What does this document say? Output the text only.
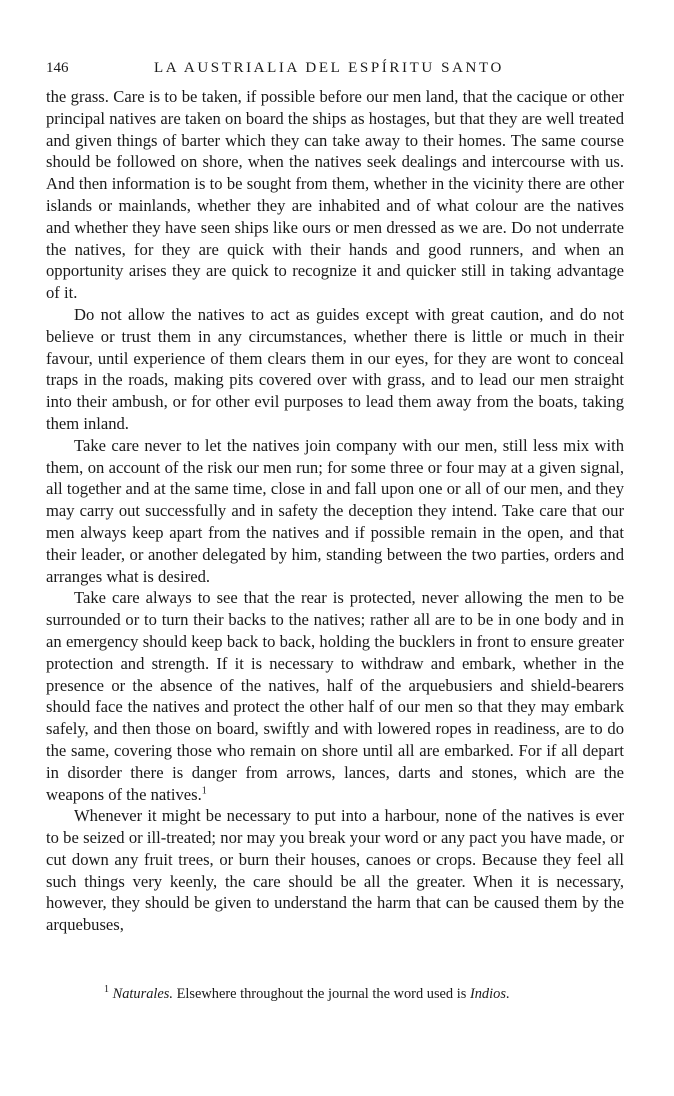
146	LA AUSTRIALIA DEL ESPÍRITU SANTO

the grass. Care is to be taken, if possible before our men land, that the cacique or other principal natives are taken on board the ships as hostages, but that they are well treated and given things of barter which they can take away to their homes. The same course should be followed on shore, when the natives seek dealings and intercourse with us. And then information is to be sought from them, whether in the vicinity there are other islands or mainlands, whether they are inhabited and of what colour are the natives and whether they have seen ships like ours or men dressed as we are. Do not underrate the natives, for they are quick with their hands and good runners, and when an opportunity arises they are quick to recognize it and quicker still in taking advantage of it.

Do not allow the natives to act as guides except with great caution, and do not believe or trust them in any circumstances, whether there is little or much in their favour, until experience of them clears them in our eyes, for they are wont to conceal traps in the roads, making pits covered over with grass, and to lead our men straight into their ambush, or for other evil purposes to lead them away from the boats, taking them inland.

Take care never to let the natives join company with our men, still less mix with them, on account of the risk our men run; for some three or four may at a given signal, all together and at the same time, close in and fall upon one or all of our men, and they may carry out successfully and in safety the deception they intend. Take care that our men always keep apart from the natives and if possible remain in the open, and that their leader, or another delegated by him, standing between the two parties, orders and arranges what is desired.

Take care always to see that the rear is protected, never allowing the men to be surrounded or to turn their backs to the natives; rather all are to be in one body and in an emergency should keep back to back, holding the bucklers in front to ensure greater protection and strength. If it is necessary to withdraw and embark, whether in the presence or the absence of the natives, half of the arquebusiers and shield-bearers should face the natives and protect the other half of our men so that they may embark safely, and then those on board, swiftly and with lowered ropes in readiness, are to do the same, covering those who remain on shore until all are embarked. For if all depart in disorder there is danger from arrows, lances, darts and stones, which are the weapons of the natives.$^1$

Whenever it might be necessary to put into a harbour, none of the natives is ever to be seized or ill-treated; nor may you break your word or any pact you have made, or cut down any fruit trees, or burn their houses, canoes or crops. Because they feel all such things very keenly, the care should be all the greater. When it is necessary, however, they should be given to understand the harm that can be caused them by the arquebuses,

$^1$ Naturales. Elsewhere throughout the journal the word used is Indios.
